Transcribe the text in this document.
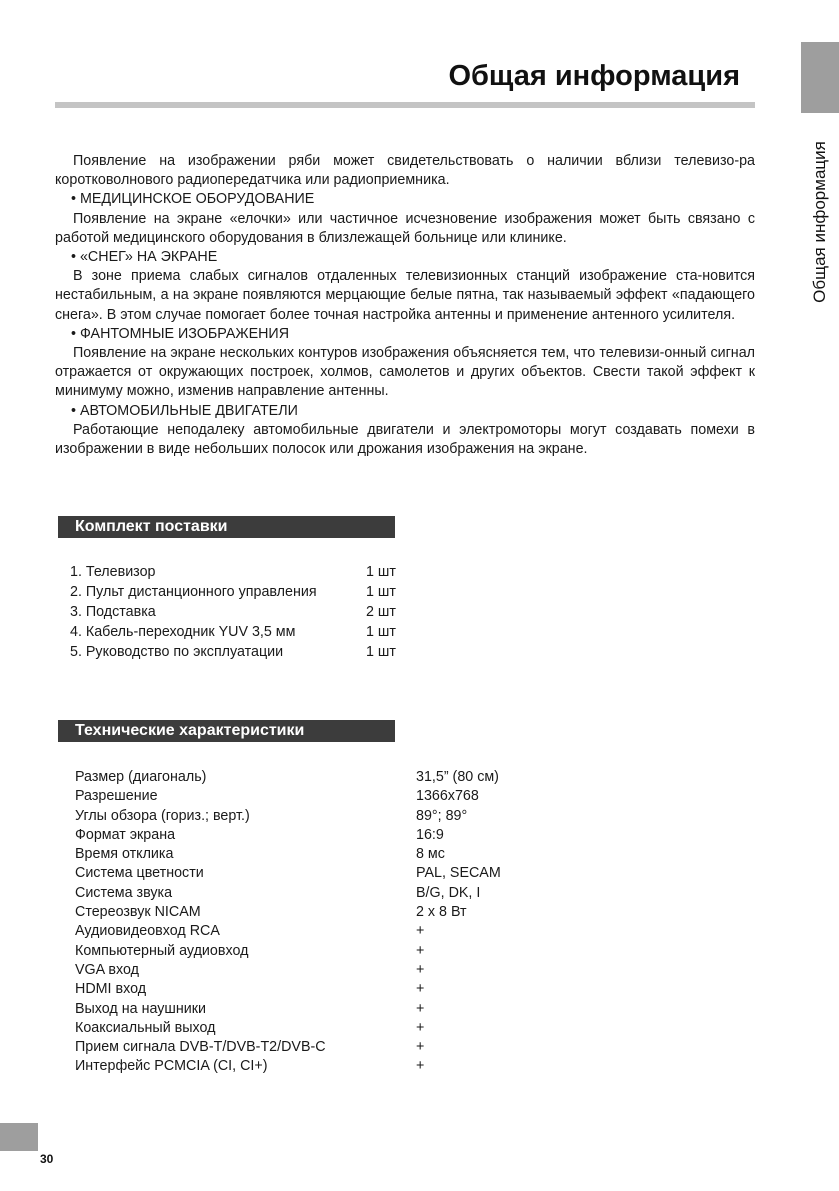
Общая информация
Общая информация

Появление на изображении ряби может свидетельствовать о наличии вблизи телевизо-ра коротковолнового радиопередатчика или радиоприемника.

• МЕДИЦИНСКОЕ ОБОРУДОВАНИЕ

Появление на экране «елочки» или частичное исчезновение изображения может быть связано с работой медицинского оборудования в близлежащей больнице или клинике.

• «СНЕГ» НА ЭКРАНЕ

В зоне приема слабых сигналов отдаленных телевизионных станций изображение ста-новится нестабильным, а на экране появляются мерцающие белые пятна, так называемый эффект «падающего снега». В этом случае помогает более точная настройка антенны и применение антенного усилителя.

• ФАНТОМНЫЕ ИЗОБРАЖЕНИЯ

Появление на экране нескольких контуров изображения объясняется тем, что телевизи-онный сигнал отражается от окружающих построек, холмов, самолетов и других объектов. Свести такой эффект к минимуму можно, изменив направление антенны.

• АВТОМОБИЛЬНЫЕ ДВИГАТЕЛИ

Работающие неподалеку автомобильные двигатели и электромоторы могут создавать помехи в изображении в виде небольших полосок или дрожания изображения на экране.

Комплект поставки
1. Телевизор	1 шт
2. Пульт дистанционного управления	1 шт
3. Подставка	2 шт
4. Кабель-переходник YUV 3,5 мм	1 шт
5. Руководство по эксплуатации	1 шт
Технические характеристики
Размер (диагональ)	31,5” (80 см)
Разрешение	1366x768
Углы обзора (гориз.; верт.)	89°; 89°
Формат экрана	16:9
Время отклика	8 мс
Система цветности	PAL, SECAM
Система звука	B/G, DK, I
Стереозвук NICAM	2 x 8 Вт
Аудиовидеовход RCA	+
Компьютерный аудиовход	+
VGA вход	+
HDMI вход	+
Выход на наушники	+
Коаксиальный выход	+
Прием сигнала DVB-T/DVB-T2/DVB-C	+
Интерфейс PCMCIA (CI, CI+)	+
30
